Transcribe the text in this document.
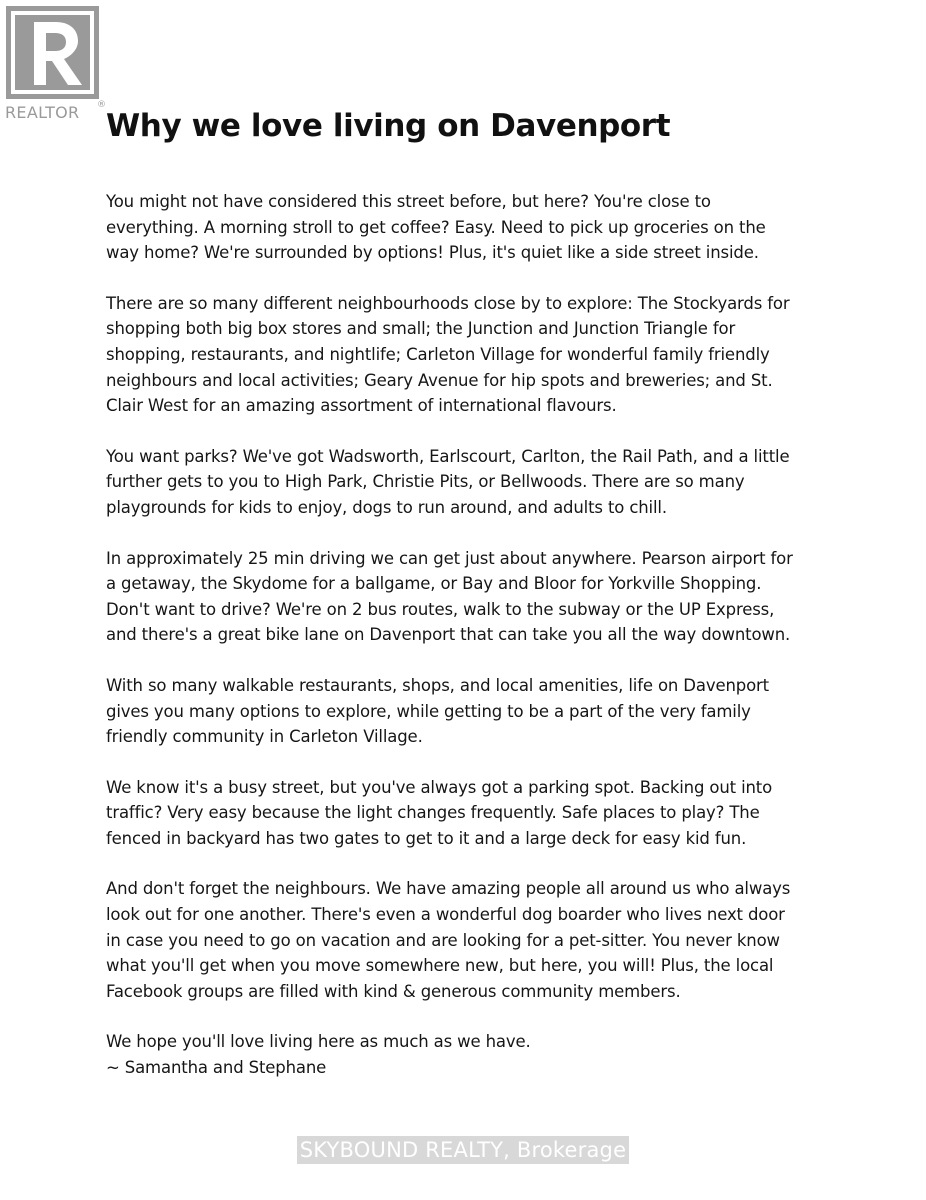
REALTOR ®
Why we love living on Davenport

You might not have considered this street before, but here? You're close to
everything. A morning stroll to get coffee? Easy. Need to pick up groceries on the
way home? We're surrounded by options! Plus, it's quiet like a side street inside.

There are so many different neighbourhoods close by to explore: The Stockyards for
shopping both big box stores and small; the Junction and Junction Triangle for
shopping, restaurants, and nightlife; Carleton Village for wonderful family friendly
neighbours and local activities; Geary Avenue for hip spots and breweries; and St.
Clair West for an amazing assortment of international flavours.

You want parks? We've got Wadsworth, Earlscourt, Carlton, the Rail Path, and a little
further gets to you to High Park, Christie Pits, or Bellwoods. There are so many
playgrounds for kids to enjoy, dogs to run around, and adults to chill.

In approximately 25 min driving we can get just about anywhere. Pearson airport for
a getaway, the Skydome for a ballgame, or Bay and Bloor for Yorkville Shopping.
Don't want to drive? We're on 2 bus routes, walk to the subway or the UP Express,
and there's a great bike lane on Davenport that can take you all the way downtown.

With so many walkable restaurants, shops, and local amenities, life on Davenport
gives you many options to explore, while getting to be a part of the very family
friendly community in Carleton Village.

We know it's a busy street, but you've always got a parking spot. Backing out into
traffic? Very easy because the light changes frequently. Safe places to play? The
fenced in backyard has two gates to get to it and a large deck for easy kid fun.

And don't forget the neighbours. We have amazing people all around us who always
look out for one another. There's even a wonderful dog boarder who lives next door
in case you need to go on vacation and are looking for a pet-sitter. You never know
what you'll get when you move somewhere new, but here, you will! Plus, the local
Facebook groups are filled with kind & generous community members.

We hope you'll love living here as much as we have.
~ Samantha and Stephane

SKYBOUND REALTY, Brokerage
